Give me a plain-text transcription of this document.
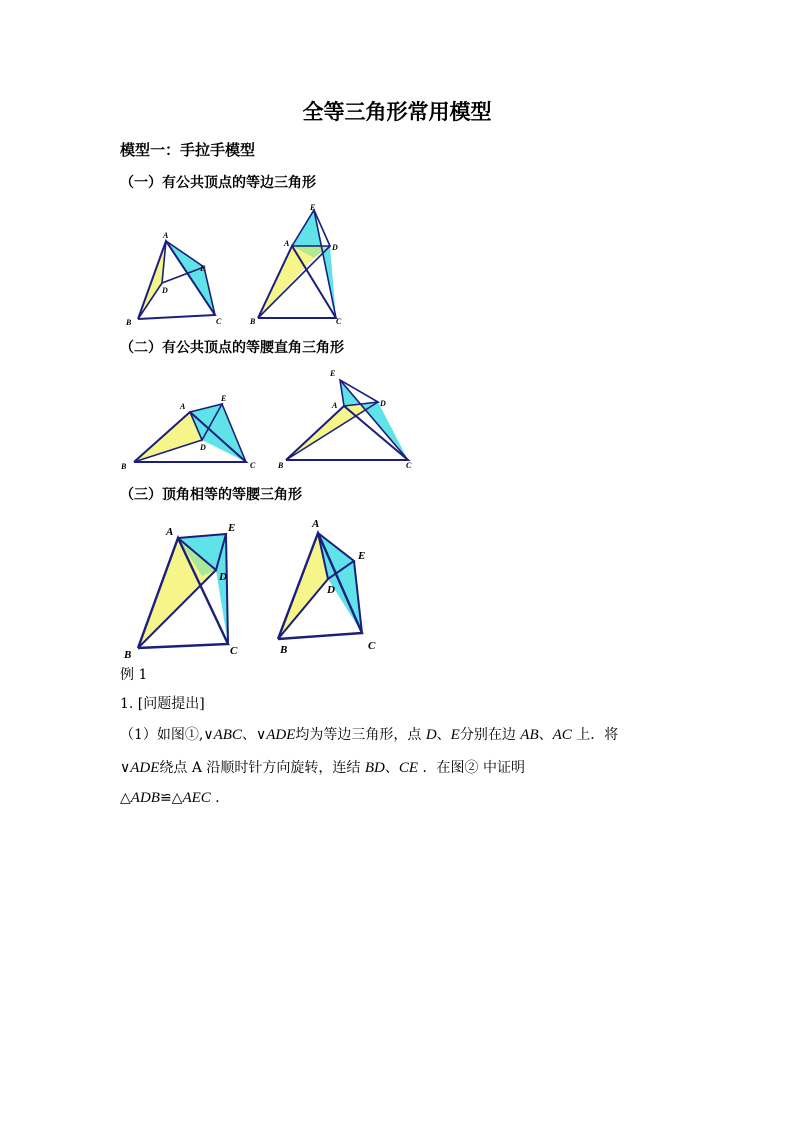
全等三角形常用模型
模型一：手拉手模型
（一）有公共顶点的等边三角形
A
B	C
D
E
E
A	D
B	C
（二）有公共顶点的等腰直角三角形
A
E
D
B	C
E
A	D
B	C
（三）顶角相等的等腰三角形
A	E
D
B	C
A
E
D
B	C
例 1
1. [问题提出]
（1）如图①,∨ABC、∨ADE均为等边三角形，点 D、E分别在边 AB、AC 上．将
∨ADE绕点 A 沿顺时针方向旋转，连结 BD、CE ．在图② 中证明
△ADB≌△AEC ．
